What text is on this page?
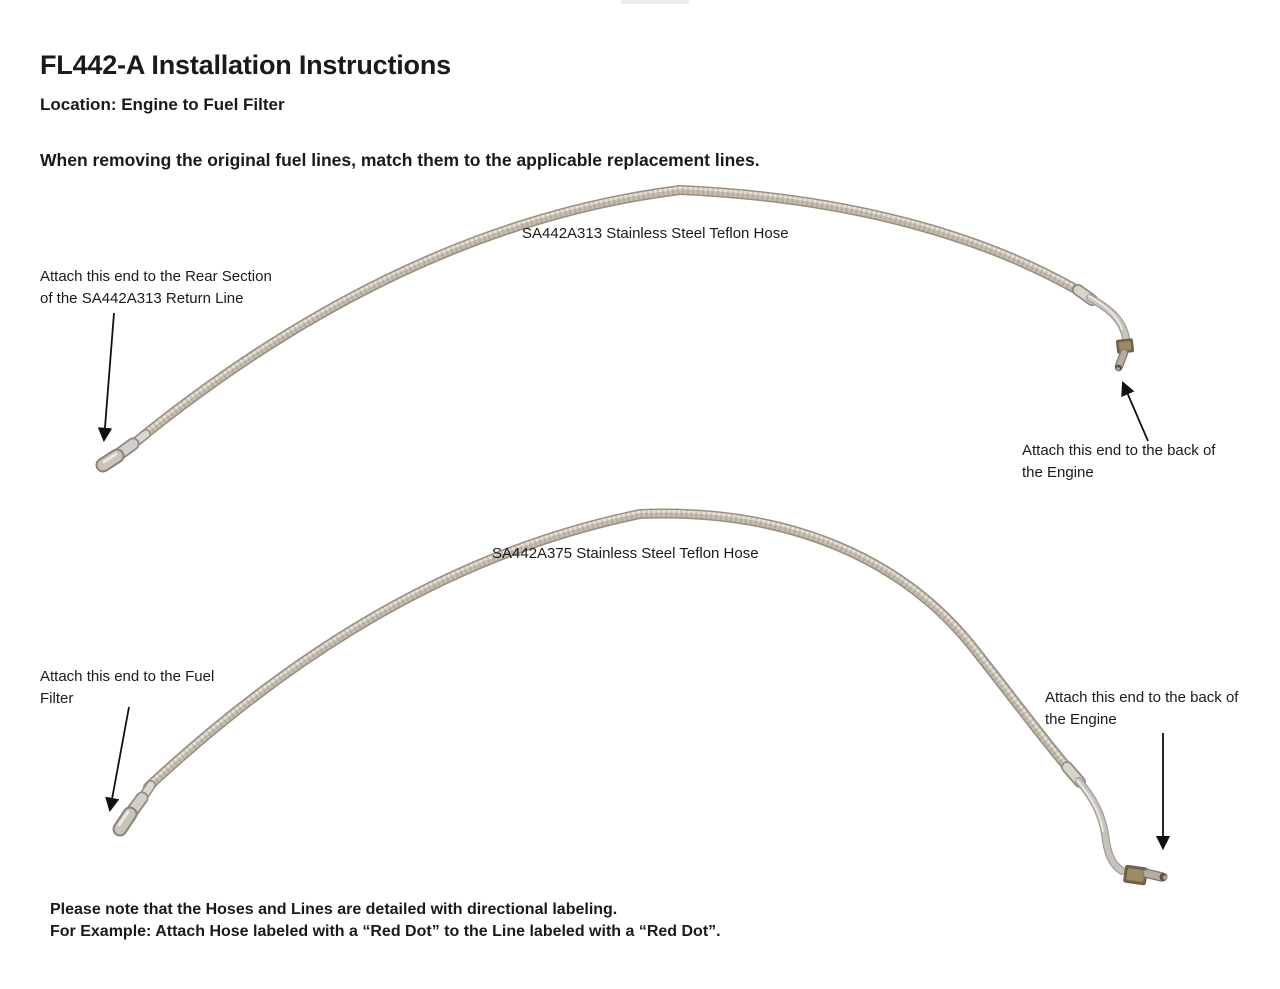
FL442-A Installation Instructions
Location: Engine to Fuel Filter
When removing the original fuel lines, match them to the applicable replacement lines.
SA442A313 Stainless Steel Teflon Hose
Attach this end to the Rear Section
of the SA442A313 Return Line
Attach this end to the back of
the Engine
SA442A375 Stainless Steel Teflon Hose
Attach this end to the Fuel
Filter	Attach this end to the back of
the Engine
Please note that the Hoses and Lines are detailed with directional labeling.
For Example: Attach Hose labeled with a “Red Dot” to the Line labeled with a “Red Dot”.
